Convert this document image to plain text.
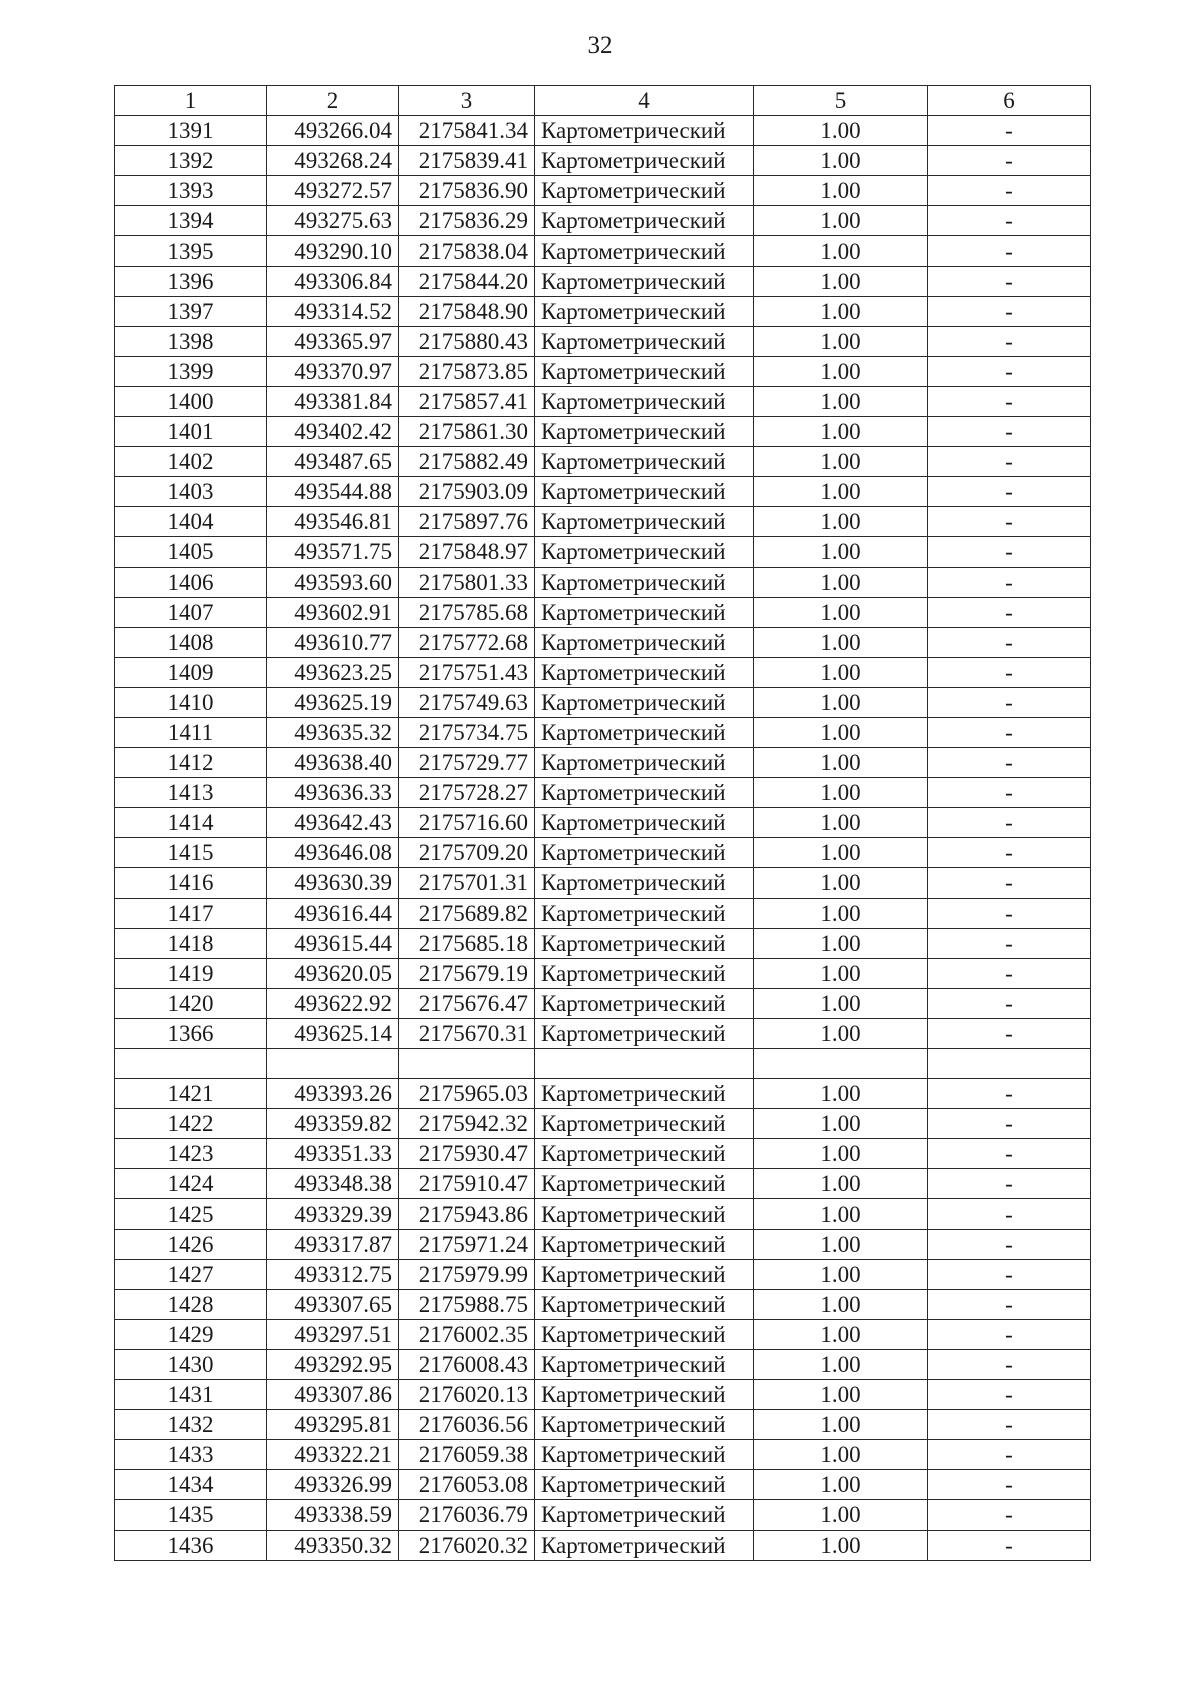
32
1	2	3	4	5	6
1391	493266.04	2175841.34	Картометрический	1.00	-
1392	493268.24	2175839.41	Картометрический	1.00	-
1393	493272.57	2175836.90	Картометрический	1.00	-
1394	493275.63	2175836.29	Картометрический	1.00	-
1395	493290.10	2175838.04	Картометрический	1.00	-
1396	493306.84	2175844.20	Картометрический	1.00	-
1397	493314.52	2175848.90	Картометрический	1.00	-
1398	493365.97	2175880.43	Картометрический	1.00	-
1399	493370.97	2175873.85	Картометрический	1.00	-
1400	493381.84	2175857.41	Картометрический	1.00	-
1401	493402.42	2175861.30	Картометрический	1.00	-
1402	493487.65	2175882.49	Картометрический	1.00	-
1403	493544.88	2175903.09	Картометрический	1.00	-
1404	493546.81	2175897.76	Картометрический	1.00	-
1405	493571.75	2175848.97	Картометрический	1.00	-
1406	493593.60	2175801.33	Картометрический	1.00	-
1407	493602.91	2175785.68	Картометрический	1.00	-
1408	493610.77	2175772.68	Картометрический	1.00	-
1409	493623.25	2175751.43	Картометрический	1.00	-
1410	493625.19	2175749.63	Картометрический	1.00	-
1411	493635.32	2175734.75	Картометрический	1.00	-
1412	493638.40	2175729.77	Картометрический	1.00	-
1413	493636.33	2175728.27	Картометрический	1.00	-
1414	493642.43	2175716.60	Картометрический	1.00	-
1415	493646.08	2175709.20	Картометрический	1.00	-
1416	493630.39	2175701.31	Картометрический	1.00	-
1417	493616.44	2175689.82	Картометрический	1.00	-
1418	493615.44	2175685.18	Картометрический	1.00	-
1419	493620.05	2175679.19	Картометрический	1.00	-
1420	493622.92	2175676.47	Картометрический	1.00	-
1366	493625.14	2175670.31	Картометрический	1.00	-

1421	493393.26	2175965.03	Картометрический	1.00	-
1422	493359.82	2175942.32	Картометрический	1.00	-
1423	493351.33	2175930.47	Картометрический	1.00	-
1424	493348.38	2175910.47	Картометрический	1.00	-
1425	493329.39	2175943.86	Картометрический	1.00	-
1426	493317.87	2175971.24	Картометрический	1.00	-
1427	493312.75	2175979.99	Картометрический	1.00	-
1428	493307.65	2175988.75	Картометрический	1.00	-
1429	493297.51	2176002.35	Картометрический	1.00	-
1430	493292.95	2176008.43	Картометрический	1.00	-
1431	493307.86	2176020.13	Картометрический	1.00	-
1432	493295.81	2176036.56	Картометрический	1.00	-
1433	493322.21	2176059.38	Картометрический	1.00	-
1434	493326.99	2176053.08	Картометрический	1.00	-
1435	493338.59	2176036.79	Картометрический	1.00	-
1436	493350.32	2176020.32	Картометрический	1.00	-
